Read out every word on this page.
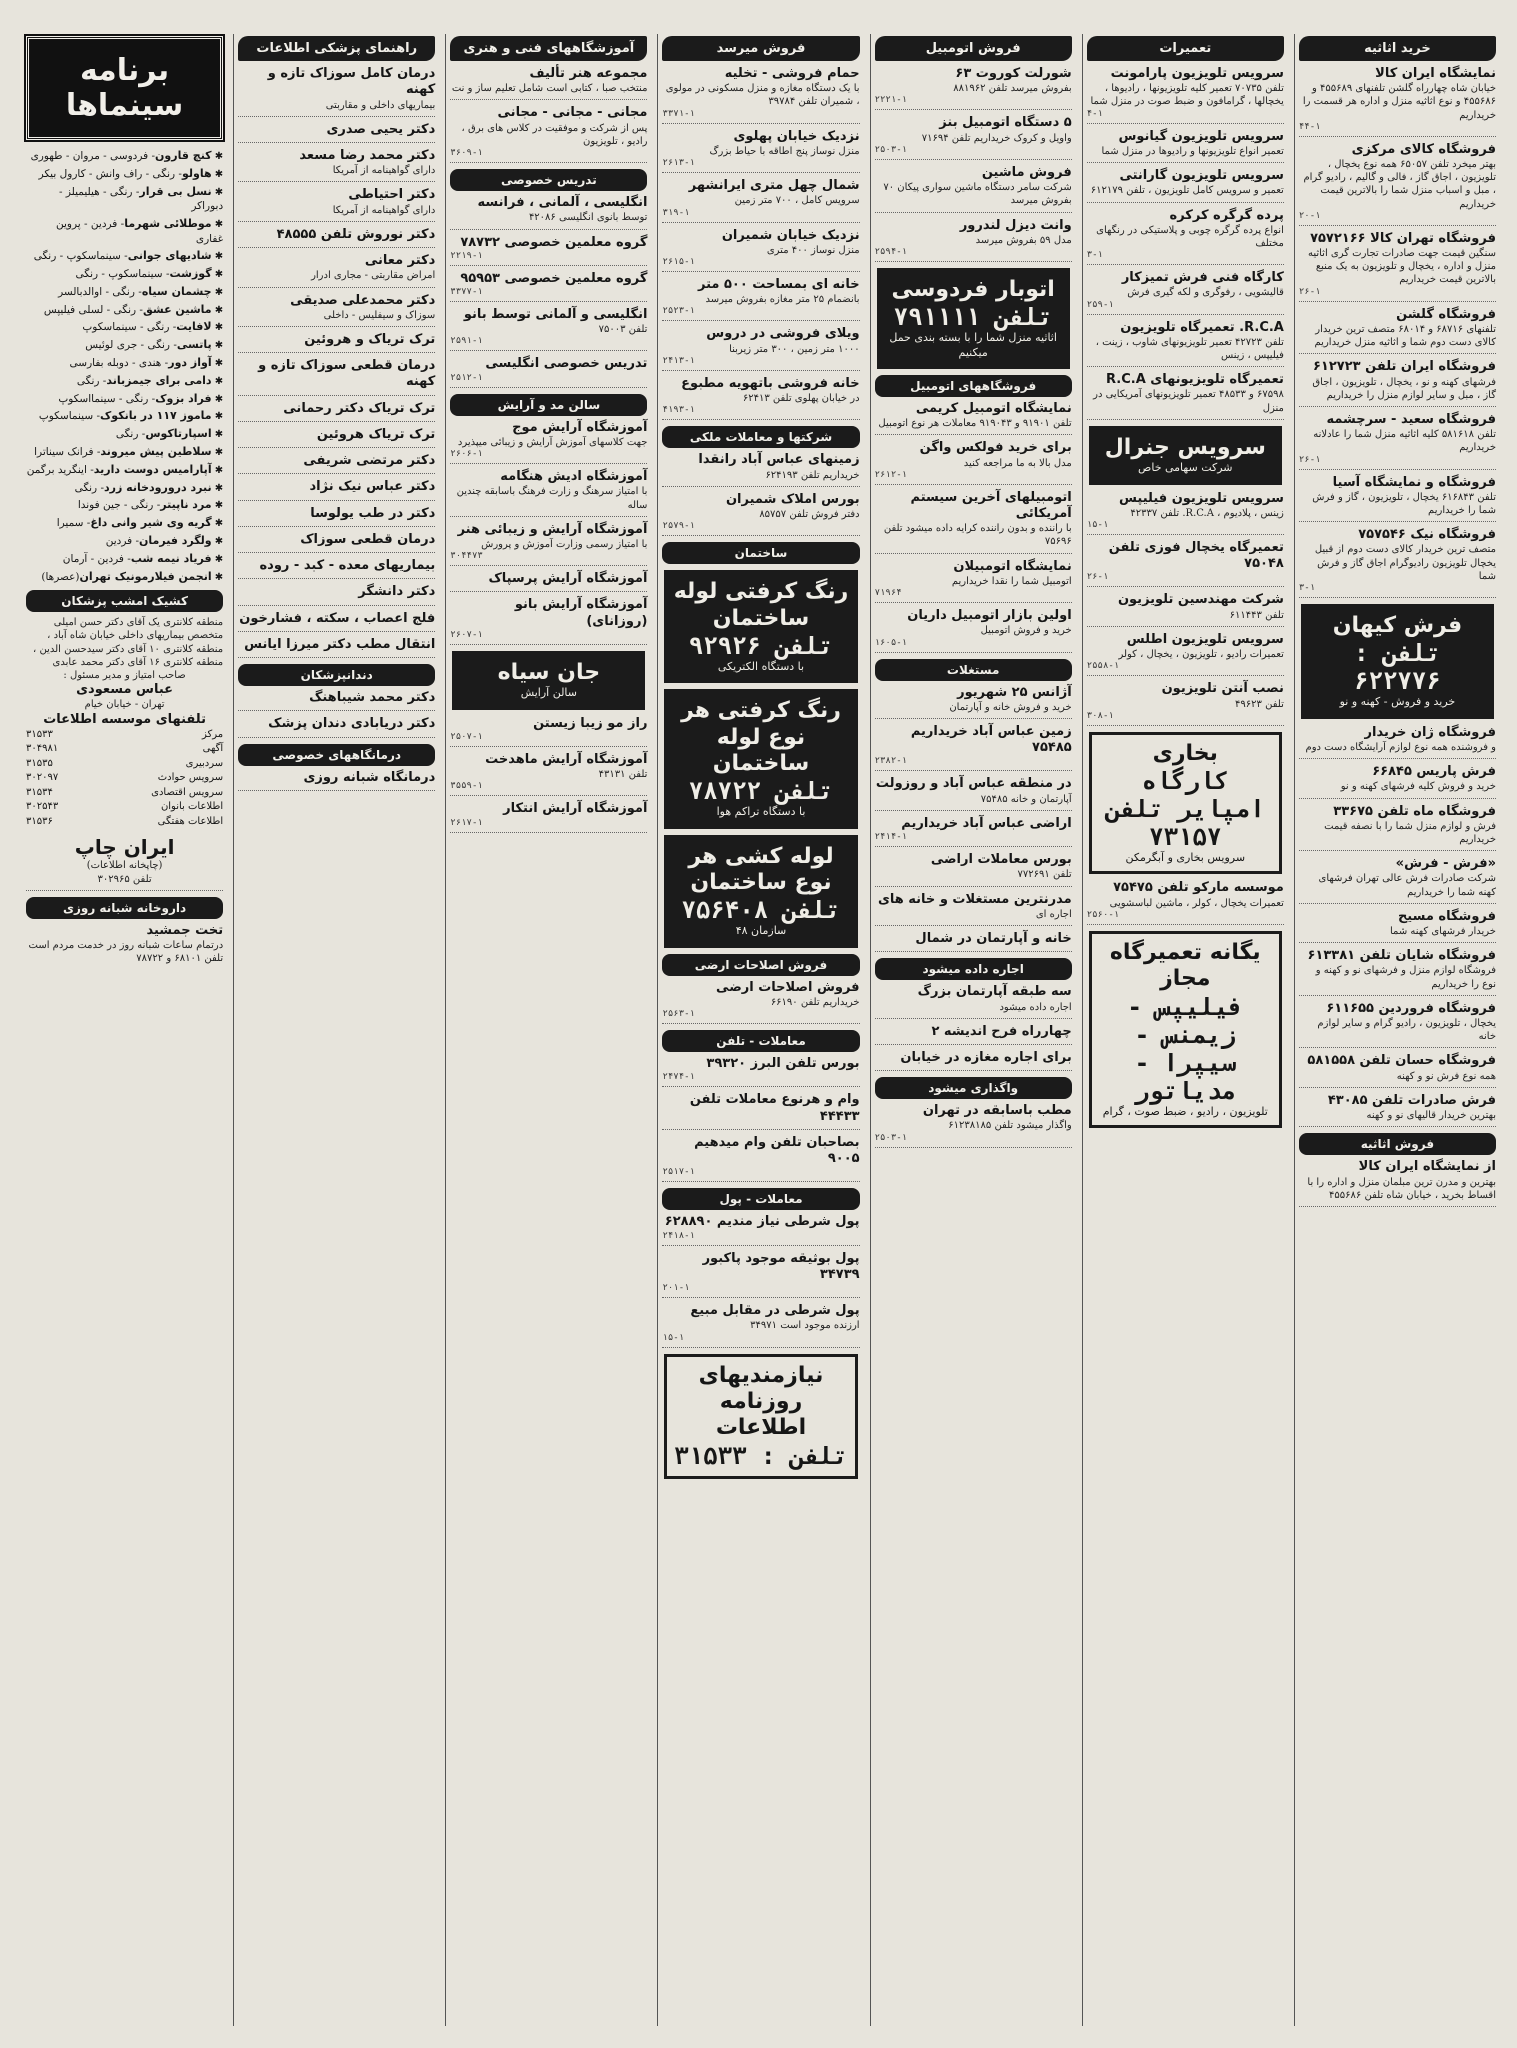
خرید اثاثیه
نمایشگاه ایران کالا
خیابان شاه چهارراه گلشن تلفنهای ۴۵۵۶۸۹ و ۴۵۵۶۸۶ و نوع اثاثیه منزل و اداره هر قسمت را خریداریم
۴۴-۱
فروشگاه کالای مرکزی
بهتر میخرد تلفن ۶۵۰۵۷ همه نوع یخچال ، تلویزیون ، اجاق گاز ، فالی و گالیم ، رادیو گرام ، مبل و اسباب منزل شما را بالاترین قیمت خریداریم
۲۰-۱
فروشگاه تهران کالا ۷۵۷۲۱۶۶
سنگین قیمت جهت صادرات تجارت گری اثاثیه منزل و اداره ، یخچال و تلویزیون به یک منبع بالاترین قیمت خریداریم
۲۶-۱
فروشگاه گلشن
تلفنهای ۶۸۷۱۶ و ۶۸۰۱۴ متصف ترین خریدار کالای دست دوم شما و اثاثیه منزل خریداریم
فروشگاه ایران تلفن ۶۱۲۷۲۳
فرشهای کهنه و نو ، یخچال ، تلویزیون ، اجاق گاز ، مبل و سایر لوازم منزل را خریداریم
فروشگاه سعید - سرچشمه
تلفن ۵۸۱۶۱۸ کلیه اثاثیه منزل شما را عادلانه خریداریم
۲۶-۱
فروشگاه و نمایشگاه آسیا
تلفن ۶۱۶۸۴۳ یخچال ، تلویزیون ، گاز و فرش شما را خریداریم
فروشگاه نیک ۷۵۷۵۴۶
متصف ترین خریدار کالای دست دوم از قبیل یخچال تلویزیون رادیوگرام اجاق گاز و فرش شما
۳-۱
فرش کیهان
تلفن : ۶۲۲۷۷۶
خرید و فروش - کهنه و نو
فروشگاه ژان خریدار
و فروشنده همه نوع لوازم آرایشگاه دست دوم
فرش پاریس ۶۶۸۴۵
خرید و فروش کلیه فرشهای کهنه و نو
فروشگاه ماه تلفن ۳۳۶۷۵
فرش و لوازم منزل شما را با نصفه قیمت خریداریم
«فرش - فرش»
شرکت صادرات فرش عالی تهران فرشهای کهنه شما را خریداریم
فروشگاه مسیح
خریدار فرشهای کهنه شما
فروشگاه شایان تلفن ۶۱۳۳۸۱
فروشگاه لوازم منزل و فرشهای نو و کهنه و نوع را خریداریم
فروشگاه فروردین ۶۱۱۶۵۵
یخچال ، تلویزیون ، رادیو گرام و سایر لوازم خانه
فروشگاه حسان تلفن ۵۸۱۵۵۸
همه نوع فرش نو و کهنه
فرش صادرات تلفن ۴۳۰۸۵
بهترین خریدار قالیهای نو و کهنه
فروش اثاثیه
از نمایشگاه ایران کالا
بهترین و مدرن ترین مبلمان منزل و اداره را با اقساط بخرید ، خیابان شاه تلفن ۴۵۵۶۸۶
تعمیرات
سرویس تلویزیون پارامونت
تلفن ۷۰۷۳۵ تعمیر کلیه تلویزیونها ، رادیوها ، یخچالها ، گرامافون و ضبط صوت در منزل شما
۴-۱
سرویس تلویزیون گیانوس
تعمیر انواع تلویزیونها و رادیوها در منزل شما
سرویس تلویزیون گارانتی
تعمیر و سرویس کامل تلویزیون ، تلفن ۶۱۲۱۷۹
پرده گرگره کرکره
انواع پرده گرگره چوبی و پلاستیکی در رنگهای مختلف
۳-۱
کارگاه فنی فرش تمیزکار
قالیشویی ، رفوگری و لکه گیری فرش
۲۵۹-۱
R.C.A. تعمیرگاه تلویزیون
تلفن ۴۲۷۲۳ تعمیر تلویزیونهای شاوب ، زینت ، فیلیپس ، زینس
تعمیرگاه تلویزیونهای R.C.A
۶۷۵۹۸ و ۴۸۵۳۳ تعمیر تلویزیونهای آمریکایی در منزل
سرویس جنرال
شرکت سهامی خاص
سرویس تلویزیون فیلیپس
زینس ، پلادیوم ، R.C.A. تلفن ۴۲۳۳۷
۱۵-۱
تعمیرگاه یخچال فوزی تلفن ۷۵۰۴۸
۲۶-۱
شرکت مهندسین تلویزیون
تلفن ۶۱۱۴۴۳
سرویس تلویزیون اطلس
تعمیرات رادیو ، تلویزیون ، یخچال ، کولر
۲۵۵۸-۱
نصب آنتن تلویزیون
تلفن ۴۹۶۲۳
۳۰۸-۱
بخاری
کارگاه امپایر تلفن ۷۳۱۵۷
سرویس بخاری و آبگرمکن
موسسه مارکو تلفن ۷۵۴۷۵
تعمیرات یخچال ، کولر ، ماشین لباسشویی
۲۵۶۰-۱
یگانه تعمیرگاه مجاز
فیلیپس - زیمنس - سیپرا - مدیاتور
تلویزیون ، رادیو ، ضبط صوت ، گرام
فروش اتومبیل
شورلت کوروت ۶۳
بفروش میرسد تلفن ۸۸۱۹۶۲
۲۲۲۱-۱
۵ دستگاه اتومبیل بنز
واویل و کروک خریداریم تلفن ۷۱۶۹۴
۲۵۰۳-۱
فروش ماشین
شرکت سامر دستگاه ماشین سواری پیکان ۷۰ بفروش میرسد
وانت دیزل لندرور
مدل ۵۹ بفروش میرسد
۲۵۹۴-۱
اتوبار فردوسی
تلفن ۷۹۱۱۱۱
اثاثیه منزل شما را با بسته بندی حمل میکنیم
فروشگاههای اتومبیل
نمایشگاه اتومبیل کریمی
تلفن ۹۱۹۰۱ و ۹۱۹۰۴۳ معاملات هر نوع اتومبیل
برای خرید فولکس واگن
مدل بالا به ما مراجعه کنید
۲۶۱۲-۱
اتومبیلهای آخرین سیستم آمریکائی
با راننده و بدون راننده کرایه داده میشود تلفن ۷۵۶۹۶
نمایشگاه اتومبیلان
اتومبیل شما را نقدا خریداریم
۷۱۹۶۴
اولین بازار اتومبیل داریان
خرید و فروش اتومبیل
۱۶۰۵-۱
مستغلات
آژانس ۲۵ شهریور
خرید و فروش خانه و آپارتمان
زمین عباس آباد خریداریم ۷۵۴۸۵
۲۳۸۲-۱
در منطقه عباس آباد و روزولت
آپارتمان و خانه ۷۵۴۸۵
اراضی عباس آباد خریداریم
۲۴۱۴-۱
بورس معاملات اراضی
تلفن ۷۷۲۶۹۱
مدرنترین مستغلات و خانه های
اجاره ای
خانه و آپارتمان در شمال
اجاره داده میشود
سه طبقه آپارتمان بزرگ
اجاره داده میشود
چهارراه فرح اندیشه ۲
برای اجاره مغازه در خیابان
واگذاری میشود
مطب باسابقه در تهران
واگذار میشود تلفن ۶۱۲۳۸۱۸۵
۲۵۰۳-۱
فروش میرسد
حمام فروشی - تخلیه
با یک دستگاه مغازه و منزل مسکونی در مولوی ، شمیران تلفن ۳۹۷۸۴
۳۳۷۱-۱
نزدیک خیابان پهلوی
منزل نوساز پنج اطاقه با حیاط بزرگ
۲۶۱۳-۱
شمال چهل متری ایرانشهر
سرویس کامل ، ۷۰۰ متر زمین
۳۱۹-۱
نزدیک خیابان شمیران
منزل نوساز ۴۰۰ متری
۲۶۱۵-۱
خانه ای بمساحت ۵۰۰ متر
بانضمام ۲۵ متر مغازه بفروش میرسد
۲۵۲۳-۱
ویلای فروشی در دروس
۱۰۰۰ متر زمین ، ۳۰۰ متر زیربنا
۲۴۱۳-۱
خانه فروشی باتهویه مطبوع
در خیابان پهلوی تلفن ۶۲۴۱۳
۴۱۹۳-۱
شرکتها و معاملات ملکی
زمینهای عباس آباد رانقدا
خریداریم تلفن ۶۲۴۱۹۳
بورس املاک شمیران
دفتر فروش تلفن ۸۵۷۵۷
۲۵۷۹-۱
ساختمان
رنگ کرفتی لوله ساختمان
تلفن ۹۲۹۲۶
با دستگاه الکتریکی
رنگ کرفتی هر نوع لوله ساختمان
تلفن ۷۸۷۲۲
با دستگاه تراکم هوا
لوله کشی هر نوع ساختمان
تلفن ۷۵۶۴۰۸
سازمان ۴۸
فروش اصلاحات ارضی
فروش اصلاحات ارضی
خریداریم تلفن ۶۶۱۹۰
۲۵۶۳-۱
معاملات - تلفن
بورس تلفن البرز ۳۹۳۲۰
۲۴۷۴-۱
وام و هرنوع معاملات تلفن ۴۴۴۳۳
بصاحبان تلفن وام میدهیم ۹۰۰۵
۲۵۱۷-۱
معاملات - پول
پول شرطی نیاز مندیم ۶۲۸۸۹۰
۲۴۱۸-۱
پول بوثیقه موجود پاکبور ۳۴۷۳۹
۲۰۱-۱
پول شرطی در مقابل مبیع
ارزنده موجود است ۳۴۹۷۱
۱۵-۱
نیازمندیهای روزنامه اطلاعات
تلفن : ۳۱۵۳۳
آموزشگاههای فنی و هنری
مجموعه هنر تألیف
منتخب صبا ، کتابی است شامل تعلیم ساز و نت
مجانی - مجانی - مجانی
پس از شرکت و موفقیت در کلاس های برق ، رادیو ، تلویزیون
۳۶۰۹-۱
تدریس خصوصی
انگلیسی ، آلمانی ، فرانسه
توسط بانوی انگلیسی ۴۲۰۸۶
گروه معلمین خصوصی ۷۸۷۳۲
۲۲۱۹-۱
گروه معلمین خصوصی ۹۵۹۵۳
۳۳۷۷-۱
انگلیسی و آلمانی توسط بانو
تلفن ۷۵۰۰۳
۲۵۹۱-۱
تدریس خصوصی انگلیسی
۲۵۱۲-۱
سالن مد و آرایش
آموزشگاه آرایش موج
جهت کلاسهای آموزش آرایش و زیبائی میپذیرد
۲۶۰۶-۱
آموزشگاه ادیش هنگامه
با امتیاز سرهنگ و زارت فرهنگ باسابقه چندین ساله
آموزشگاه آرایش و زیبائی هنر
با امتیاز رسمی وزارت آموزش و پرورش
۳۰۴۴۷۳
آموزشگاه آرایش پرسپاک
آموزشگاه آرایش بانو (روزانای)
۲۶۰۷-۱
جان سیاه
سالن آرایش
راز مو زیبا زیستن
۲۵۰۷-۱
آموزشگاه آرایش ماهدخت
تلفن ۴۳۱۳۱
۳۵۵۹-۱
آموزشگاه آرایش انتکار
۲۶۱۷-۱
راهنمای پزشکی اطلاعات
درمان کامل سوزاک تازه و کهنه
بیماریهای داخلی و مقاربتی
دکتر یحیی صدری
دکتر محمد رضا مسعد
دارای گواهینامه از آمریکا
دکتر احتیاطی
دارای گواهینامه از آمریکا
دکتر نوروش تلفن ۴۸۵۵۵
دکتر معانی
امراض مقاربتی - مجاری ادرار
دکتر محمدعلی صدیقی
سوزاک و سیفلیس - داخلی
ترک تریاک و هروئین
درمان قطعی سوزاک تازه و کهنه
ترک تریاک دکتر رحمانی
ترک تریاک هروئین
دکتر مرتضی شریفی
دکتر عباس نیک نژاد
دکتر در طب یولوسا
درمان قطعی سوزاک
بیماریهای معده - کبد - روده
دکتر دانشگر
فلج اعصاب ، سکته ، فشارخون
انتقال مطب دکتر میرزا ایانس
دندانپزشکان
دکتر محمد شیباهنگ
دکتر دریابادی دندان پزشک
درمانگاههای خصوصی
درمانگاه شبانه روزی
برنامه سینماها
✱ کنچ قارون- فردوسی - مروان - طهوری
✱ هاولو- رنگی - راف وانش - کارول بیکر
✱ نسل بی قرار- رنگی - هیلیمیلز - دبوراکر
✱ موطلائی شهرما- فردین - پروین غفاری
✱ شادیهای جوانی- سینماسکوپ - رنگی
✱ گوزشت- سینماسکوپ - رنگی
✱ چشمان سیاه- رنگی - اوالدبالسر
✱ ماشین عشق- رنگی - لسلی فیلیپس
✱ لافایت- رنگی - سینماسکوپ
✱ پاتسی- رنگی - جری لوئیس
✱ آواز دور- هندی - دوبله بفارسی
✱ دامی برای جیمزباند- رنگی
✱ فراد بزوک- رنگی - سینمااسکوپ
✱ ماموز ۱۱۷ در بانکوک- سینماسکوپ
✱ اسپارتاکوس- رنگی
✱ سلاطین پیش میروند- فرانک سیناترا
✱ آپارامیس دوست دارید- اینگرید برگمن
✱ نبرد درورودخانه زرد- رنگی
✱ مرد ناپیتر- رنگی - جین فوندا
✱ گریه وی شیر وانی داغ- سمیرا
✱ ولگرد فیرمان- فردین
✱ فریاد نیمه شب- فردین - آرمان
✱ انجمن فیلارمونیک تهران(عصرها)
کشیک امشب پزشکان
منطقه کلانتری یک آقای دکتر حسن امیلی متخصص بیماریهای داخلی خیابان شاه آباد ، منطقه کلانتری ۱۰ آقای دکتر سیدحسن الدین ، منطقه کلانتری ۱۶ آقای دکتر محمد عابدی
صاحب امتیاز و مدیر مسئول :
عباس مسعودی
تهران - خیابان خیام
تلفنهای موسسه اطلاعات
مرکز
۳۱۵۳۳
آگهی
۳۰۴۹۸۱
سردبیری
۳۱۵۳۵
سرویس حوادث
۳۰۲۰۹۷
سرویس اقتصادی
۳۱۵۳۴
اطلاعات بانوان
۳۰۲۵۴۳
اطلاعات هفتگی
۳۱۵۳۶
ایران چاپ
(چاپخانه اطلاعات)
تلفن ۳۰۲۹۶۵
داروخانه شبانه روزی
تخت جمشید
درتمام ساعات شبانه روز در خدمت مردم است تلفن ۶۸۱۰۱ و ۷۸۷۲۲
